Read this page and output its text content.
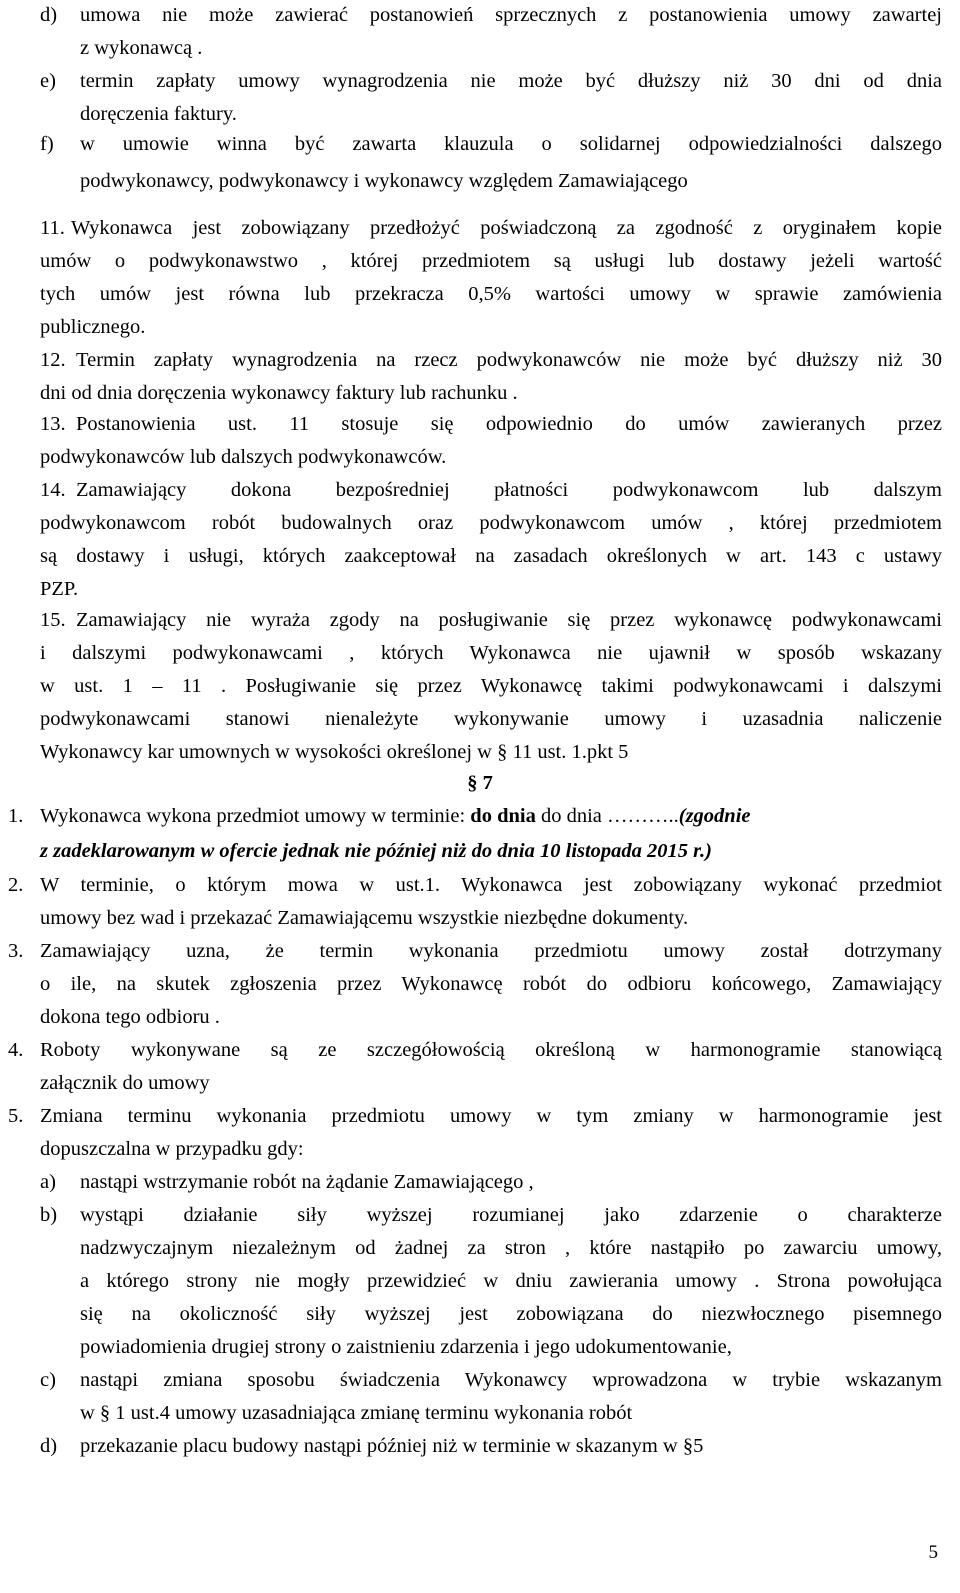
d) umowa nie może zawierać postanowień sprzecznych z postanowienia umowy zawartej
z wykonawcą .
e) termin zapłaty umowy wynagrodzenia nie może być dłuższy niż 30 dni od dnia
doręczenia faktury.
f) w umowie winna być zawarta klauzula o solidarnej odpowiedzialności dalszego
podwykonawcy, podwykonawcy i wykonawcy względem Zamawiającego
11. Wykonawca jest zobowiązany przedłożyć poświadczoną za zgodność z oryginałem kopie
umów o podwykonawstwo , której przedmiotem są usługi lub dostawy jeżeli wartość
tych umów jest równa lub przekracza 0,5% wartości umowy w sprawie zamówienia
publicznego.
12. Termin zapłaty wynagrodzenia na rzecz podwykonawców nie może być dłuższy niż 30
dni od dnia doręczenia wykonawcy faktury lub rachunku .
13. Postanowienia ust. 11 stosuje się odpowiednio do umów zawieranych przez
podwykonawców lub dalszych podwykonawców.
14. Zamawiający dokona bezpośredniej płatności podwykonawcom lub dalszym
podwykonawcom robót budowalnych oraz podwykonawcom umów , której przedmiotem
są dostawy i usługi, których zaakceptował na zasadach określonych w art. 143 c ustawy
PZP.
15. Zamawiający nie wyraża zgody na posługiwanie się przez wykonawcę podwykonawcami
i dalszymi podwykonawcami , których Wykonawca nie ujawnił w sposób wskazany
w ust. 1 – 11 . Posługiwanie się przez Wykonawcę takimi podwykonawcami i dalszymi
podwykonawcami stanowi nienależyte wykonywanie umowy i uzasadnia naliczenie
Wykonawcy kar umownych w wysokości określonej w § 11 ust. 1.pkt 5
§ 7
1. Wykonawca wykona przedmiot umowy w terminie: do dnia do dnia ………..(zgodnie
z zadeklarowanym w ofercie jednak nie później niż do dnia 10 listopada 2015 r.)
2. W terminie, o którym mowa w ust.1. Wykonawca jest zobowiązany wykonać przedmiot
umowy bez wad i przekazać Zamawiającemu wszystkie niezbędne dokumenty.
3. Zamawiający uzna, że termin wykonania przedmiotu umowy został dotrzymany
o ile, na skutek zgłoszenia przez Wykonawcę robót do odbioru końcowego, Zamawiający
dokona tego odbioru .
4. Roboty wykonywane są ze szczegółowością określoną w harmonogramie stanowiącą
załącznik do umowy
5. Zmiana terminu wykonania przedmiotu umowy w tym zmiany w harmonogramie jest
dopuszczalna w przypadku gdy:
a) nastąpi wstrzymanie robót na żądanie Zamawiającego ,
b) wystąpi działanie siły wyższej rozumianej jako zdarzenie o charakterze
nadzwyczajnym niezależnym od żadnej za stron , które nastąpiło po zawarciu umowy,
a którego strony nie mogły przewidzieć w dniu zawierania umowy . Strona powołująca
się na okoliczność siły wyższej jest zobowiązana do niezwłocznego pisemnego
powiadomienia drugiej strony o zaistnieniu zdarzenia i jego udokumentowanie,
c) nastąpi zmiana sposobu świadczenia Wykonawcy wprowadzona w trybie wskazanym
w § 1 ust.4 umowy uzasadniająca zmianę terminu wykonania robót
d) przekazanie placu budowy nastąpi później niż w terminie w skazanym w §5
5
